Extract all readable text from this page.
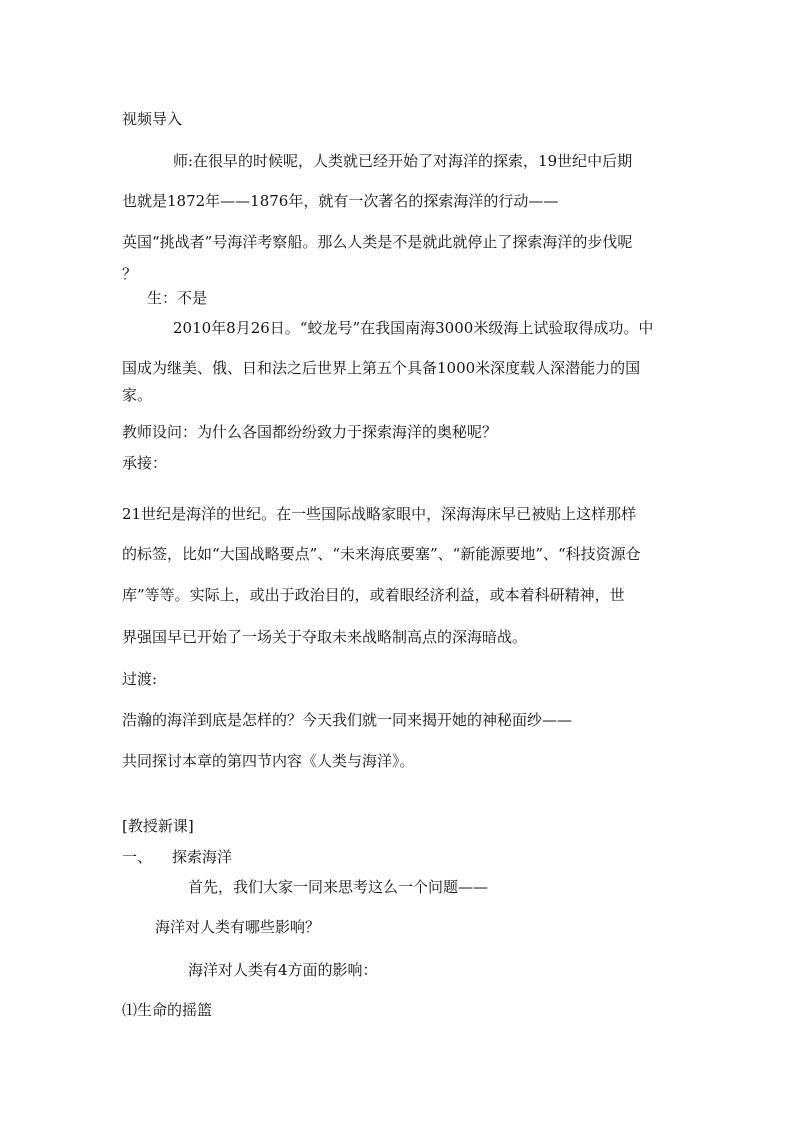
视频导入

师:在很早的时候呢，人类就已经开始了对海洋的探索，19世纪中后期

也就是1872年——1876年，就有一次著名的探索海洋的行动——

英国“挑战者”号海洋考察船。那么人类是不是就此就停止了探索海洋的步伐呢

？

生：不是

2010年8月26日。“蛟龙号”在我国南海3000米级海上试验取得成功。中

国成为继美、俄、日和法之后世界上第五个具备1000米深度载人深潜能力的国

家。

教师设问：为什么各国都纷纷致力于探索海洋的奥秘呢？

承接：

21世纪是海洋的世纪。在一些国际战略家眼中，深海海床早已被贴上这样那样

的标签，比如“大国战略要点”、“未来海底要塞”、“新能源要地”、“科技资源仓

库”等等。实际上，或出于政治目的，或着眼经济利益，或本着科研精神，世

界强国早已开始了一场关于夺取未来战略制高点的深海暗战。

过渡:

浩瀚的海洋到底是怎样的？今天我们就一同来揭开她的神秘面纱——

共同探讨本章的第四节内容《人类与海洋》。

[教授新课]

一、 探索海洋

首先，我们大家一同来思考这么一个问题——

海洋对人类有哪些影响？

海洋对人类有4方面的影响：

⑴生命的摇篮
